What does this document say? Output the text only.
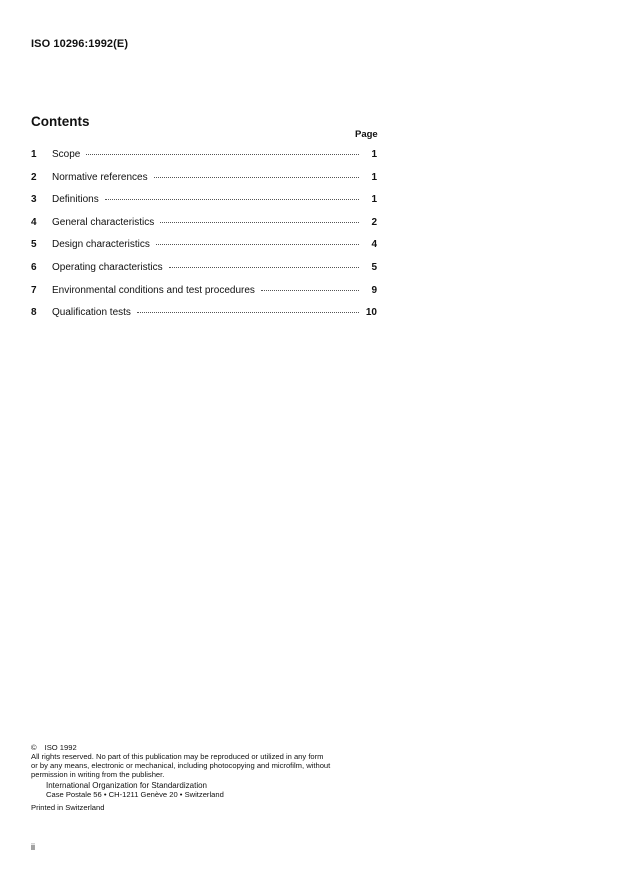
ISO 10296:1992(E)
Contents
Page
1	Scope	1
2	Normative references	1
3	Definitions	1
4	General characteristics	2
5	Design characteristics	4
6	Operating characteristics	5
7	Environmental conditions and test procedures	9
8	Qualification tests	10
© ISO 1992
All rights reserved. No part of this publication may be reproduced or utilized in any form
or by any means, electronic or mechanical, including photocopying and microfilm, without
permission in writing from the publisher.
International Organization for Standardization
Case Postale 56 • CH-1211 Genève 20 • Switzerland
Printed in Switzerland
ii
